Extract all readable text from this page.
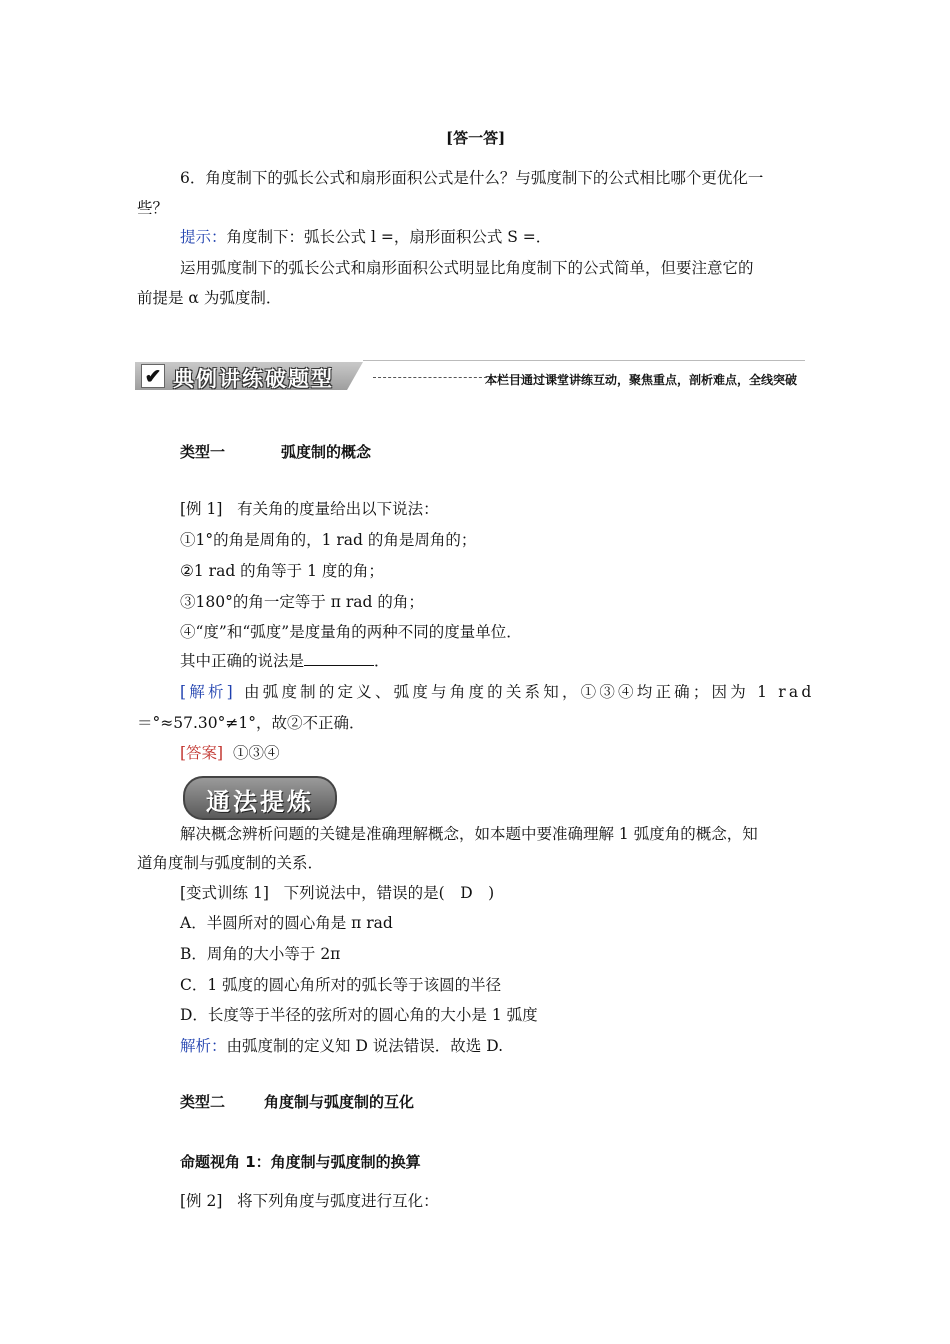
[答一答]
6．角度制下的弧长公式和扇形面积公式是什么？与弧度制下的公式相比哪个更优化一
些？
提示：角度制下：弧长公式 l =，扇形面积公式 S =．
运用弧度制下的弧长公式和扇形面积公式明显比角度制下的公式简单，但要注意它的
前提是 α 为弧度制．
✔ 典例讲练破题型	本栏目通过课堂讲练互动，聚焦重点，剖析难点，全线突破
类型一	弧度制的概念
[例 1] 有关角的度量给出以下说法：
①1°的角是周角的，1 rad 的角是周角的；
②1 rad 的角等于 1 度的角；
③180°的角一定等于 π rad 的角；
④“度”和“弧度”是度量角的两种不同的度量单位．
其中正确的说法是	．
[解析] 由弧度制的定义、弧度与角度的关系知，①③④均正确；因为 1 rad
＝°≈57.30°≠1°，故②不正确．
[答案] ①③④
通法提炼
解决概念辨析问题的关键是准确理解概念，如本题中要准确理解 1 弧度角的概念，知
道角度制与弧度制的关系．
[变式训练 1] 下列说法中，错误的是(　D　)
A．半圆所对的圆心角是 π rad
B．周角的大小等于 2π
C．1 弧度的圆心角所对的弧长等于该圆的半径
D．长度等于半径的弦所对的圆心角的大小是 1 弧度
解析：由弧度制的定义知 D 说法错误．故选 D.
类型二	角度制与弧度制的互化
命题视角 1：角度制与弧度制的换算
[例 2] 将下列角度与弧度进行互化：
